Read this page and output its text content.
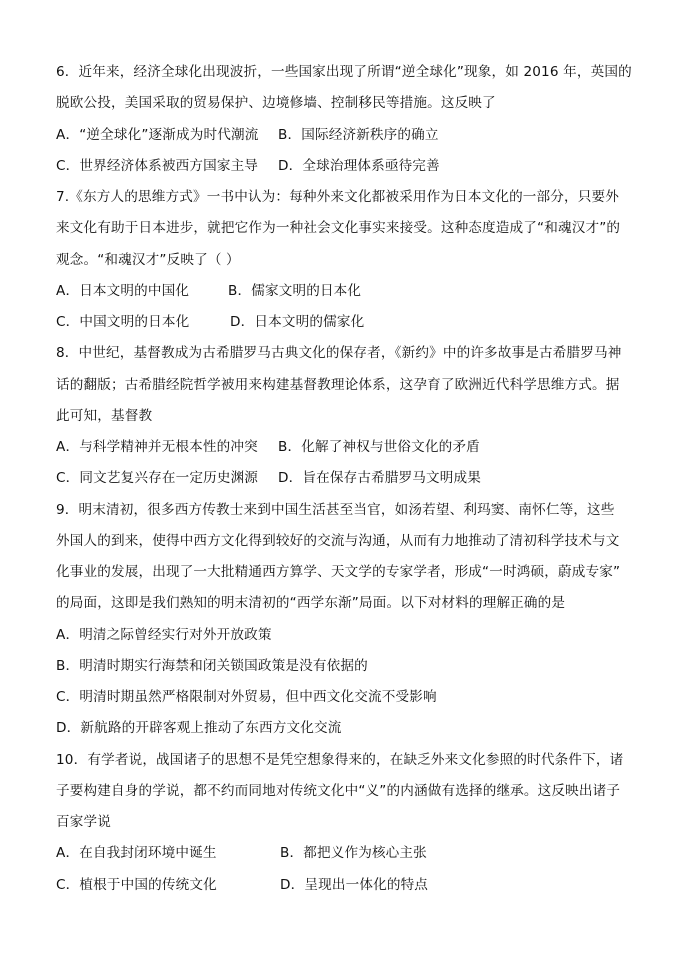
6．近年来，经济全球化出现波折，一些国家出现了所谓“逆全球化”现象，如 2016 年，英国的
脱欧公投，美国采取的贸易保护、边境修墙、控制移民等措施。这反映了
A．“逆全球化”逐渐成为时代潮流 B．国际经济新秩序的确立
C．世界经济体系被西方国家主导 D．全球治理体系亟待完善
7.《东方人的思维方式》一书中认为：每种外来文化都被采用作为日本文化的一部分，只要外
来文化有助于日本进步，就把它作为一种社会文化事实来接受。这种态度造成了“和魂汉才”的
观念。“和魂汉才”反映了（ ）
A．日本文明的中国化	B．儒家文明的日本化
C．中国文明的日本化	D．日本文明的儒家化
8．中世纪，基督教成为古希腊罗马古典文化的保存者，《新约》中的许多故事是古希腊罗马神
话的翻版；古希腊经院哲学被用来构建基督教理论体系，这孕育了欧洲近代科学思维方式。据
此可知，基督教
A．与科学精神并无根本性的冲突 B．化解了神权与世俗文化的矛盾
C．同文艺复兴存在一定历史渊源 D．旨在保存古希腊罗马文明成果
9．明末清初，很多西方传教士来到中国生活甚至当官，如汤若望、利玛窦、南怀仁等，这些
外国人的到来，使得中西方文化得到较好的交流与沟通，从而有力地推动了清初科学技术与文
化事业的发展，出现了一大批精通西方算学、天文学的专家学者，形成“一时鸿硕，蔚成专家”
的局面，这即是我们熟知的明末清初的“西学东渐”局面。以下对材料的理解正确的是
A．明清之际曾经实行对外开放政策
B．明清时期实行海禁和闭关锁国政策是没有依据的
C．明清时期虽然严格限制对外贸易，但中西文化交流不受影响
D．新航路的开辟客观上推动了东西方文化交流
10．有学者说，战国诸子的思想不是凭空想象得来的，在缺乏外来文化参照的时代条件下，诸
子要构建自身的学说，都不约而同地对传统文化中“义”的内涵做有选择的继承。这反映出诸子
百家学说
A．在自我封闭环境中诞生	B．都把义作为核心主张
C．植根于中国的传统文化	D．呈现出一体化的特点
